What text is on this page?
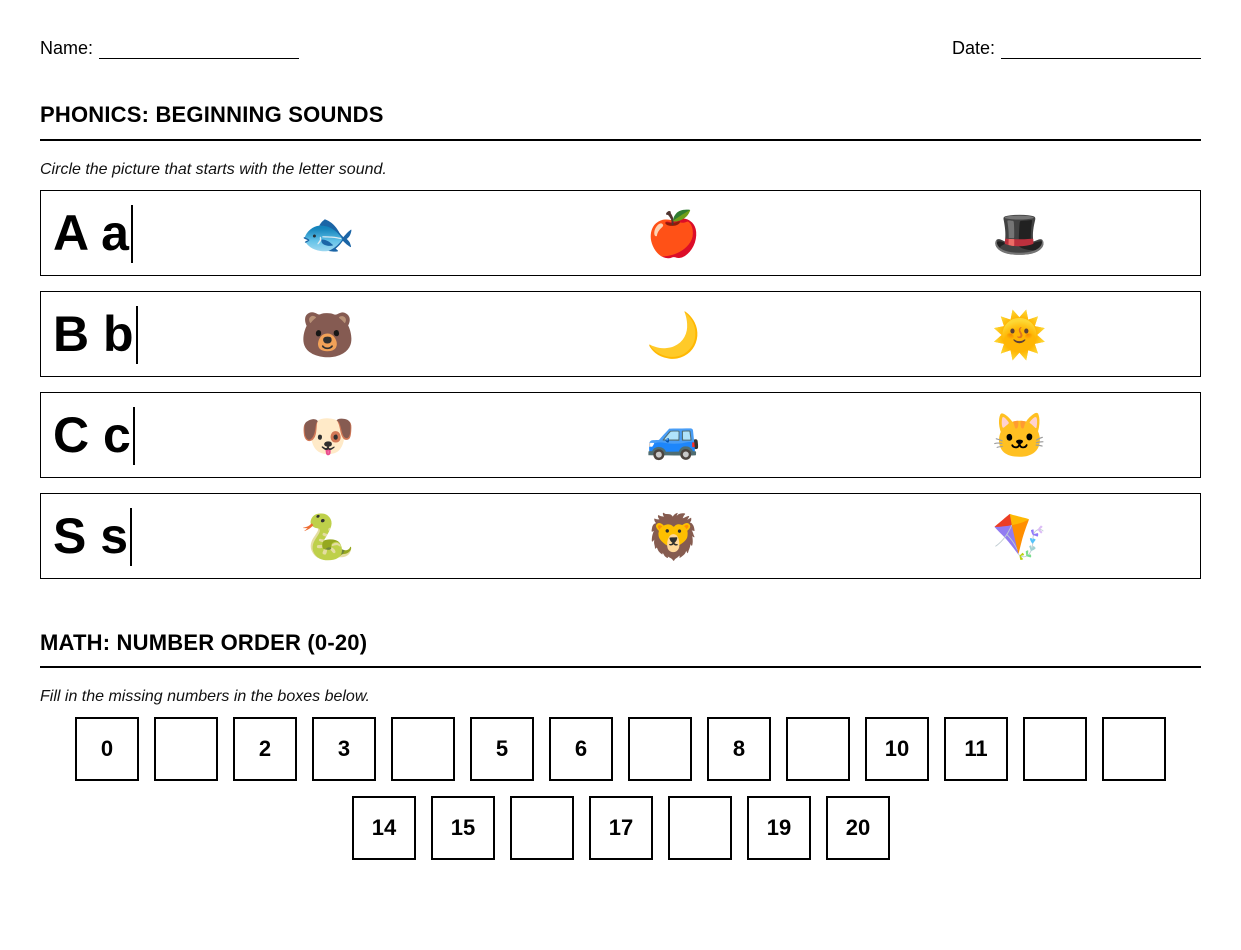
Name:	Date:
PHONICS: BEGINNING SOUNDS
Circle the picture that starts with the letter sound.
A a	🐟	🍎	🎩
B b	🐻	🌙	🌞
C c	🐶	🚙	🐱
S s	🐍	🦁	🪁
MATH: NUMBER ORDER (0-20)
Fill in the missing numbers in the boxes below.
0	2	3	5	6	8	10	11
14	15	17	19	20
